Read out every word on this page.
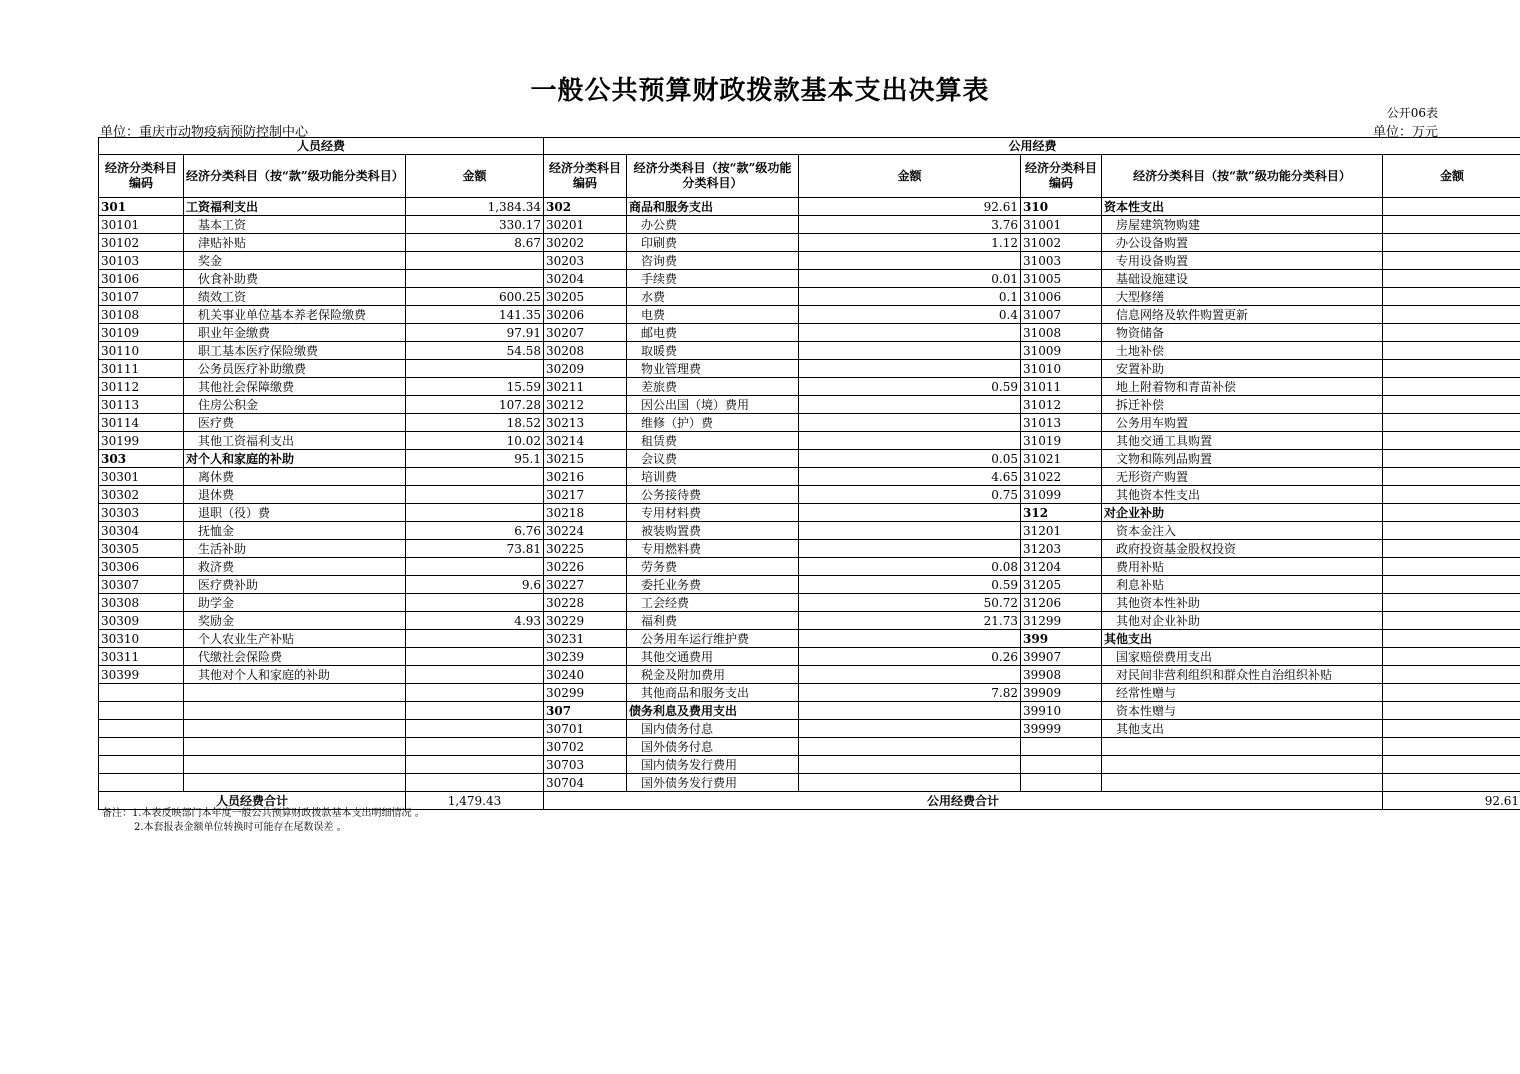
一般公共预算财政拨款基本支出决算表
公开06表
单位：重庆市动物疫病预防控制中心	单位：万元
人员经费			公用经费					
经济分类科目编码	经济分类科目（按“款”级功能分类科目）	金额	经济分类科目编码	经济分类科目（按“款”级功能分类科目）	金额	经济分类科目编码	经济分类科目（按“款”级功能分类科目）	金额
301	工资福利支出	1,384.34	302	商品和服务支出	92.61	310	资本性支出	
30101	基本工资	330.17	30201	办公费	3.76	31001	房屋建筑物购建	
30102	津贴补贴	8.67	30202	印刷费	1.12	31002	办公设备购置	
30103	奖金		30203	咨询费		31003	专用设备购置	
30106	伙食补助费		30204	手续费	0.01	31005	基础设施建设	
30107	绩效工资	600.25	30205	水费	0.1	31006	大型修缮	
30108	机关事业单位基本养老保险缴费	141.35	30206	电费	0.4	31007	信息网络及软件购置更新	
30109	职业年金缴费	97.91	30207	邮电费		31008	物资储备	
30110	职工基本医疗保险缴费	54.58	30208	取暖费		31009	土地补偿	
30111	公务员医疗补助缴费		30209	物业管理费		31010	安置补助	
30112	其他社会保障缴费	15.59	30211	差旅费	0.59	31011	地上附着物和青苗补偿	
30113	住房公积金	107.28	30212	因公出国（境）费用		31012	拆迁补偿	
30114	医疗费	18.52	30213	维修（护）费		31013	公务用车购置	
30199	其他工资福利支出	10.02	30214	租赁费		31019	其他交通工具购置	
303	对个人和家庭的补助	95.1	30215	会议费	0.05	31021	文物和陈列品购置	
30301	离休费		30216	培训费	4.65	31022	无形资产购置	
30302	退休费		30217	公务接待费	0.75	31099	其他资本性支出	
30303	退职（役）费		30218	专用材料费		312	对企业补助	
30304	抚恤金	6.76	30224	被装购置费		31201	资本金注入	
30305	生活补助	73.81	30225	专用燃料费		31203	政府投资基金股权投资	
30306	救济费		30226	劳务费	0.08	31204	费用补贴	
30307	医疗费补助	9.6	30227	委托业务费	0.59	31205	利息补贴	
30308	助学金		30228	工会经费	50.72	31206	其他资本性补助	
30309	奖励金	4.93	30229	福利费	21.73	31299	其他对企业补助	
30310	个人农业生产补贴		30231	公务用车运行维护费		399	其他支出	
30311	代缴社会保险费		30239	其他交通费用	0.26	39907	国家赔偿费用支出	
30399	其他对个人和家庭的补助		30240	税金及附加费用		39908	对民间非营利组织和群众性自治组织补贴	
			30299	其他商品和服务支出	7.82	39909	经常性赠与	
			307	债务利息及费用支出		39910	资本性赠与	
			30701	国内债务付息		39999	其他支出	
			30702	国外债务付息				
			30703	国内债务发行费用				
			30704	国外债务发行费用				
人员经费合计		1,479.43	公用经费合计					92.61
备注：1.本表反映部门本年度一般公共预算财政拨款基本支出明细情况 。
2.本套报表金额单位转换时可能存在尾数误差 。
